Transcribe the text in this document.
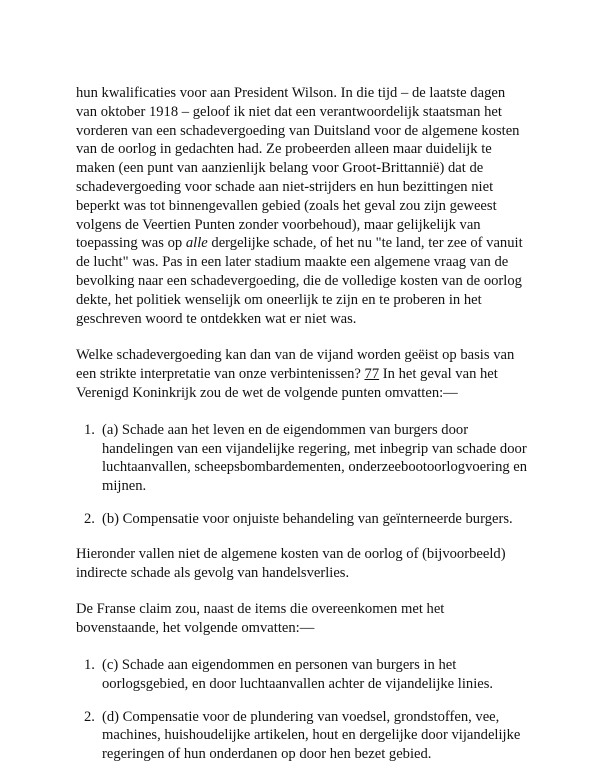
hun kwalificaties voor aan President Wilson. In die tijd – de laatste dagen van oktober 1918 – geloof ik niet dat een verantwoordelijk staatsman het vorderen van een schadevergoeding van Duitsland voor de algemene kosten van de oorlog in gedachten had. Ze probeerden alleen maar duidelijk te maken (een punt van aanzienlijk belang voor Groot-Brittannië) dat de schadevergoeding voor schade aan niet-strijders en hun bezittingen niet beperkt was tot binnengevallen gebied (zoals het geval zou zijn geweest volgens de Veertien Punten zonder voorbehoud), maar gelijkelijk van toepassing was op alle dergelijke schade, of het nu "te land, ter zee of vanuit de lucht" was. Pas in een later stadium maakte een algemene vraag van de bevolking naar een schadevergoeding, die de volledige kosten van de oorlog dekte, het politiek wenselijk om oneerlijk te zijn en te proberen in het geschreven woord te ontdekken wat er niet was.

Welke schadevergoeding kan dan van de vijand worden geëist op basis van een strikte interpretatie van onze verbintenissen? 77 In het geval van het Verenigd Koninkrijk zou de wet de volgende punten omvatten:—

1. (a) Schade aan het leven en de eigendommen van burgers door handelingen van een vijandelijke regering, met inbegrip van schade door luchtaanvallen, scheepsbombardementen, onderzeebootoorlogvoering en mijnen.
2. (b) Compensatie voor onjuiste behandeling van geïnterneerde burgers.

Hieronder vallen niet de algemene kosten van de oorlog of (bijvoorbeeld) indirecte schade als gevolg van handelsverlies.

De Franse claim zou, naast de items die overeenkomen met het bovenstaande, het volgende omvatten:—

1. (c) Schade aan eigendommen en personen van burgers in het oorlogsgebied, en door luchtaanvallen achter de vijandelijke linies.
2. (d) Compensatie voor de plundering van voedsel, grondstoffen, vee, machines, huishoudelijke artikelen, hout en dergelijke door vijandelijke regeringen of hun onderdanen op door hen bezet gebied.
